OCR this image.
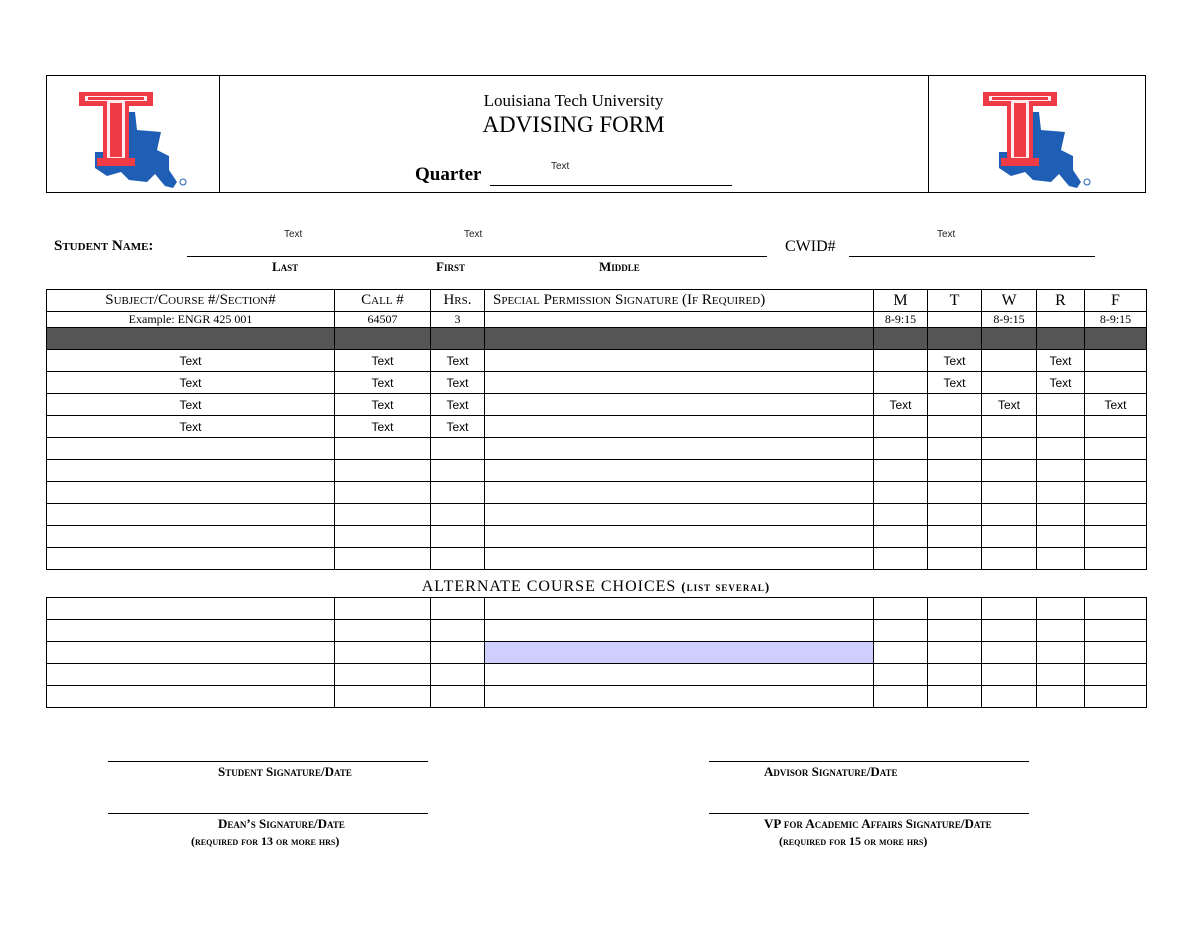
Louisiana Tech University
ADVISING FORM
Quarter	Text
Student Name:
Text	Text
Last	First	Middle
CWID#
Text
Subject/Course #/Section#	Call #	Hrs.	Special Permission Signature (If Required)	M	T	W	R	F
Example: ENGR 425 001	64507	3		8-9:15		8-9:15		8-9:15

Text	Text	Text			Text		Text	
Text	Text	Text			Text		Text	
Text	Text	Text		Text		Text		Text
Text	Text	Text						

ALTERNATE COURSE CHOICES (list several)

Student Signature/Date	Advisor Signature/Date
Dean’s Signature/Date
(required for 13 or more hrs)
VP for Academic Affairs Signature/Date
(required for 15 or more hrs)
